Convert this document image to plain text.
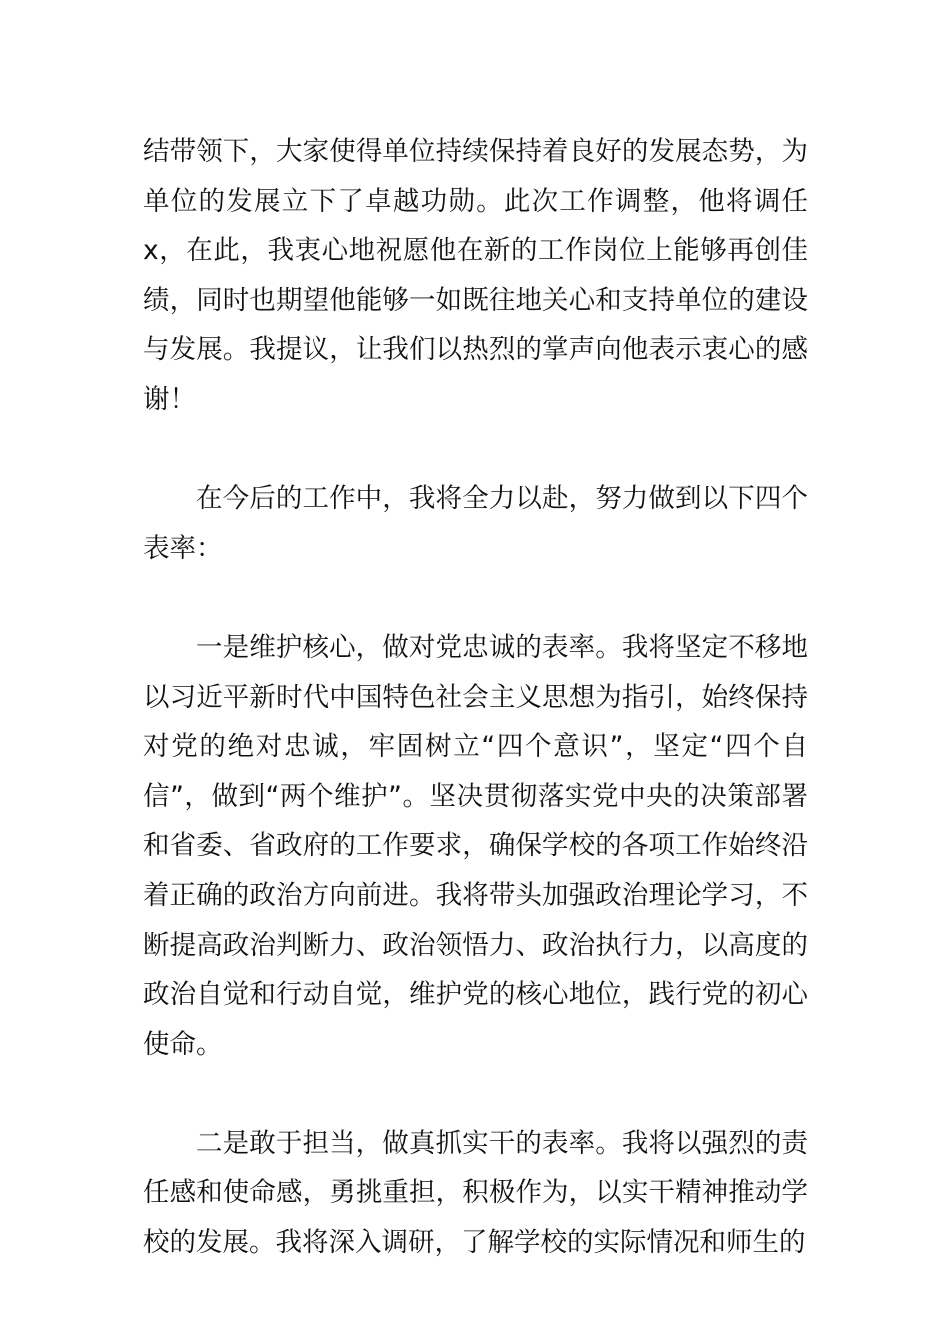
结带领下，大家使得单位持续保持着良好的发展态势，为单位的发展立下了卓越功勋。此次工作调整，他将调任x，在此，我衷心地祝愿他在新的工作岗位上能够再创佳绩，同时也期望他能够一如既往地关心和支持单位的建设与发展。我提议，让我们以热烈的掌声向他表示衷心的感谢！

在今后的工作中，我将全力以赴，努力做到以下四个表率：

一是维护核心，做对党忠诚的表率。我将坚定不移地以习近平新时代中国特色社会主义思想为指引，始终保持对党的绝对忠诚，牢固树立“四个意识”，坚定“四个自信”，做到“两个维护”。坚决贯彻落实党中央的决策部署和省委、省政府的工作要求，确保学校的各项工作始终沿着正确的政治方向前进。我将带头加强政治理论学习，不断提高政治判断力、政治领悟力、政治执行力，以高度的政治自觉和行动自觉，维护党的核心地位，践行党的初心使命。

二是敢于担当，做真抓实干的表率。我将以强烈的责任感和使命感，勇挑重担，积极作为，以实干精神推动学校的发展。我将深入调研，了解学校的实际情况和师生的
